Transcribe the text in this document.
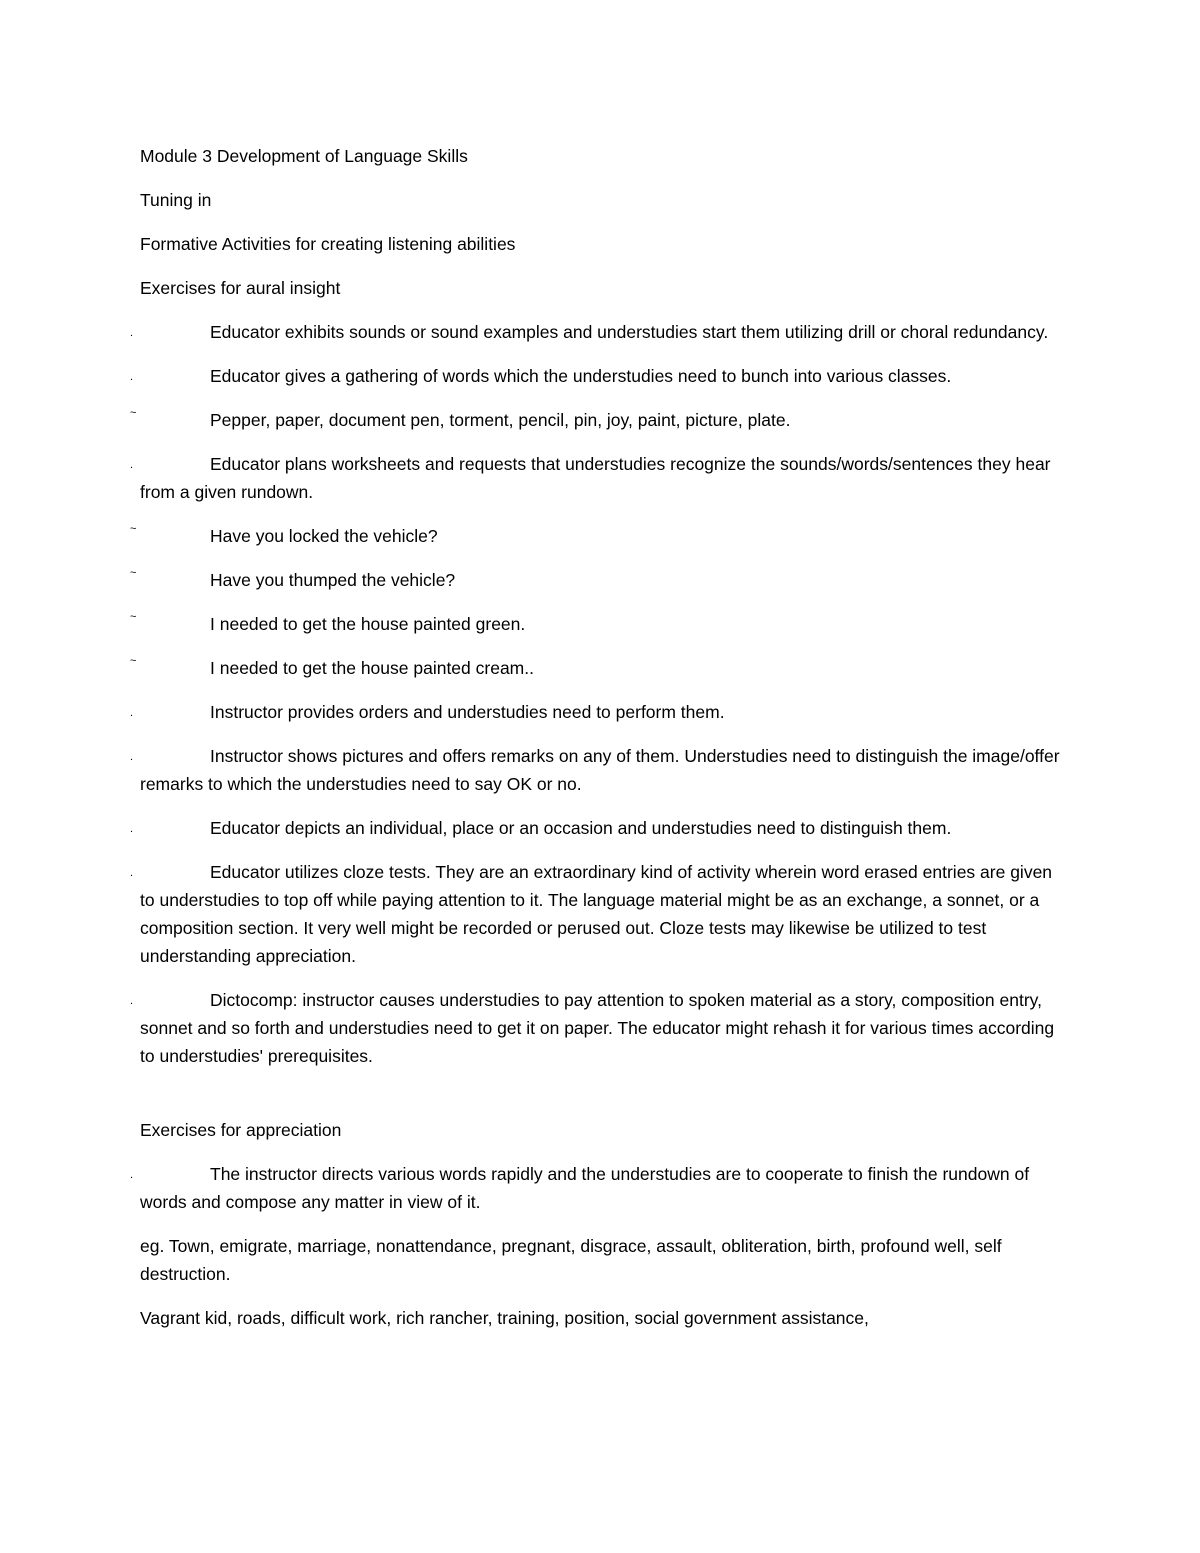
Module 3 Development of Language Skills

Tuning in

Formative Activities for creating listening abilities

Exercises for aural insight

.	Educator exhibits sounds or sound examples and understudies start them utilizing drill or choral redundancy.
.	Educator gives a gathering of words which the understudies need to bunch into various classes.
~	Pepper, paper, document pen, torment, pencil, pin, joy, paint, picture, plate.
.	Educator plans worksheets and requests that understudies recognize the sounds/words/sentences they hear from a given rundown.
~	Have you locked the vehicle?
~	Have you thumped the vehicle?
~	I needed to get the house painted green.
~	I needed to get the house painted cream..
.	Instructor provides orders and understudies need to perform them.
.	Instructor shows pictures and offers remarks on any of them. Understudies need to distinguish the image/offer remarks to which the understudies need to say OK or no.
.	Educator depicts an individual, place or an occasion and understudies need to distinguish them.
.	Educator utilizes cloze tests. They are an extraordinary kind of activity wherein word erased entries are given to understudies to top off while paying attention to it. The language material might be as an exchange, a sonnet, or a composition section. It very well might be recorded or perused out. Cloze tests may likewise be utilized to test understanding appreciation.
.	Dictocomp: instructor causes understudies to pay attention to spoken material as a story, composition entry, sonnet and so forth and understudies need to get it on paper. The educator might rehash it for various times according to understudies' prerequisites.

Exercises for appreciation

.	The instructor directs various words rapidly and the understudies are to cooperate to finish the rundown of words and compose any matter in view of it.

eg. Town, emigrate, marriage, nonattendance, pregnant, disgrace, assault, obliteration, birth, profound well, self destruction.

Vagrant kid, roads, difficult work, rich rancher, training, position, social government assistance,
